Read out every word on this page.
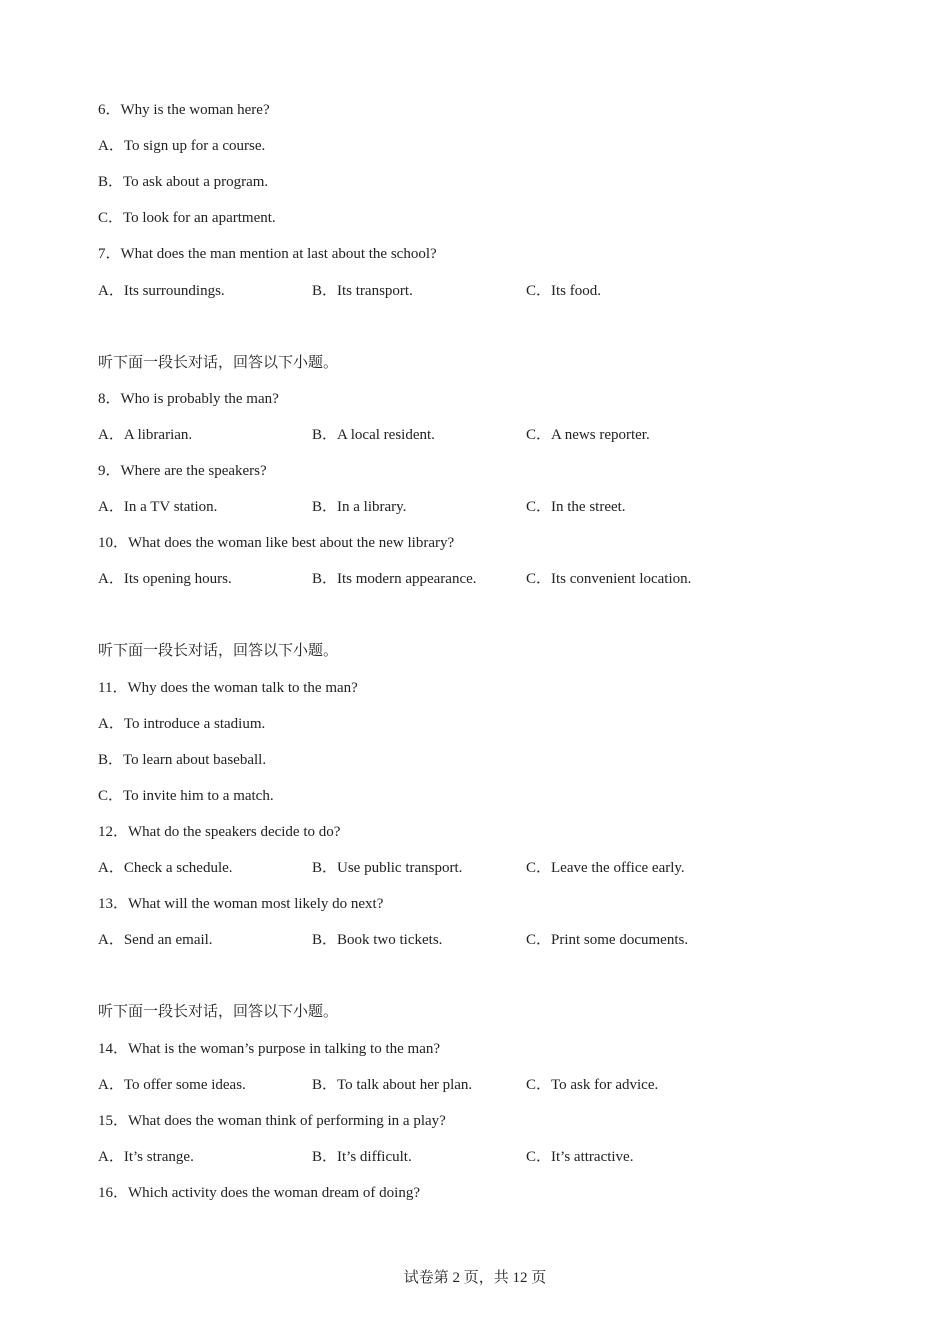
6．Why is the woman here?
A．To sign up for a course.
B．To ask about a program.
C．To look for an apartment.
7．What does the man mention at last about the school?
A．Its surroundings.	B．Its transport.	C．Its food.
听下面一段长对话，回答以下小题。
8．Who is probably the man?
A．A librarian.	B．A local resident.	C．A news reporter.
9．Where are the speakers?
A．In a TV station.	B．In a library.	C．In the street.
10．What does the woman like best about the new library?
A．Its opening hours.	B．Its modern appearance.	C．Its convenient location.
听下面一段长对话，回答以下小题。
11．Why does the woman talk to the man?
A．To introduce a stadium.
B．To learn about baseball.
C．To invite him to a match.
12．What do the speakers decide to do?
A．Check a schedule.	B．Use public transport.	C．Leave the office early.
13．What will the woman most likely do next?
A．Send an email.	B．Book two tickets.	C．Print some documents.
听下面一段长对话，回答以下小题。
14．What is the woman’s purpose in talking to the man?
A．To offer some ideas.	B．To talk about her plan.	C．To ask for advice.
15．What does the woman think of performing in a play?
A．It’s strange.	B．It’s difficult.	C．It’s attractive.
16．Which activity does the woman dream of doing?
试卷第 2 页，共 12 页
